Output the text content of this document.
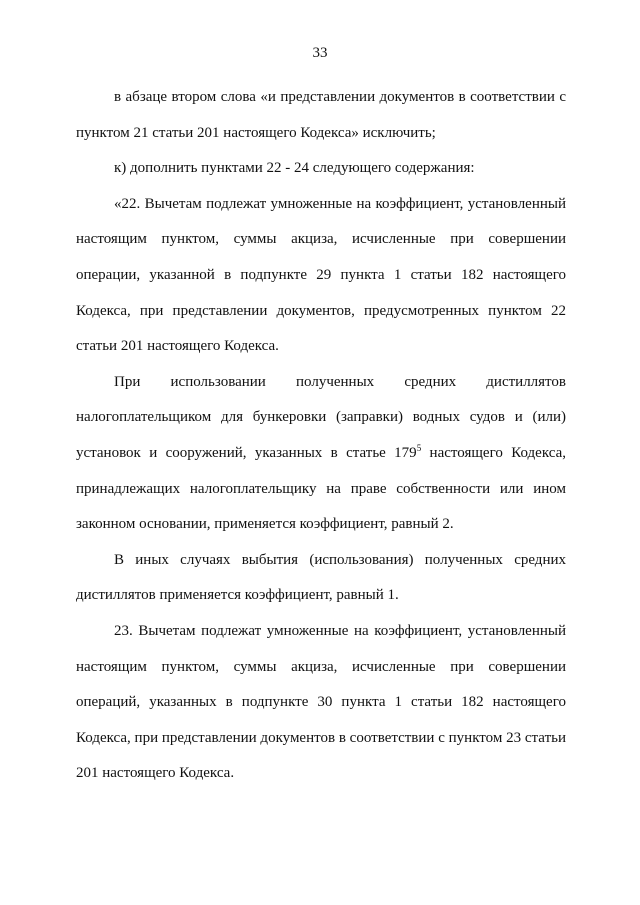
33

в абзаце втором слова «и представлении документов в соответствии с пунктом 21 статьи 201 настоящего Кодекса» исключить;

к) дополнить пунктами 22 - 24 следующего содержания:

«22. Вычетам подлежат умноженные на коэффициент, установленный настоящим пунктом, суммы акциза, исчисленные при совершении операции, указанной в подпункте 29 пункта 1 статьи 182 настоящего Кодекса, при представлении документов, предусмотренных пунктом 22 статьи 201 настоящего Кодекса.

При использовании полученных средних дистиллятов налогоплательщиком для бункеровки (заправки) водных судов и (или) установок и сооружений, указанных в статье $179^5$ настоящего Кодекса, принадлежащих налогоплательщику на праве собственности или ином законном основании, применяется коэффициент, равный 2.

В иных случаях выбытия (использования) полученных средних дистиллятов применяется коэффициент, равный 1.

23. Вычетам подлежат умноженные на коэффициент, установленный настоящим пунктом, суммы акциза, исчисленные при совершении операций, указанных в подпункте 30 пункта 1 статьи 182 настоящего Кодекса, при представлении документов в соответствии с пунктом 23 статьи 201 настоящего Кодекса.
